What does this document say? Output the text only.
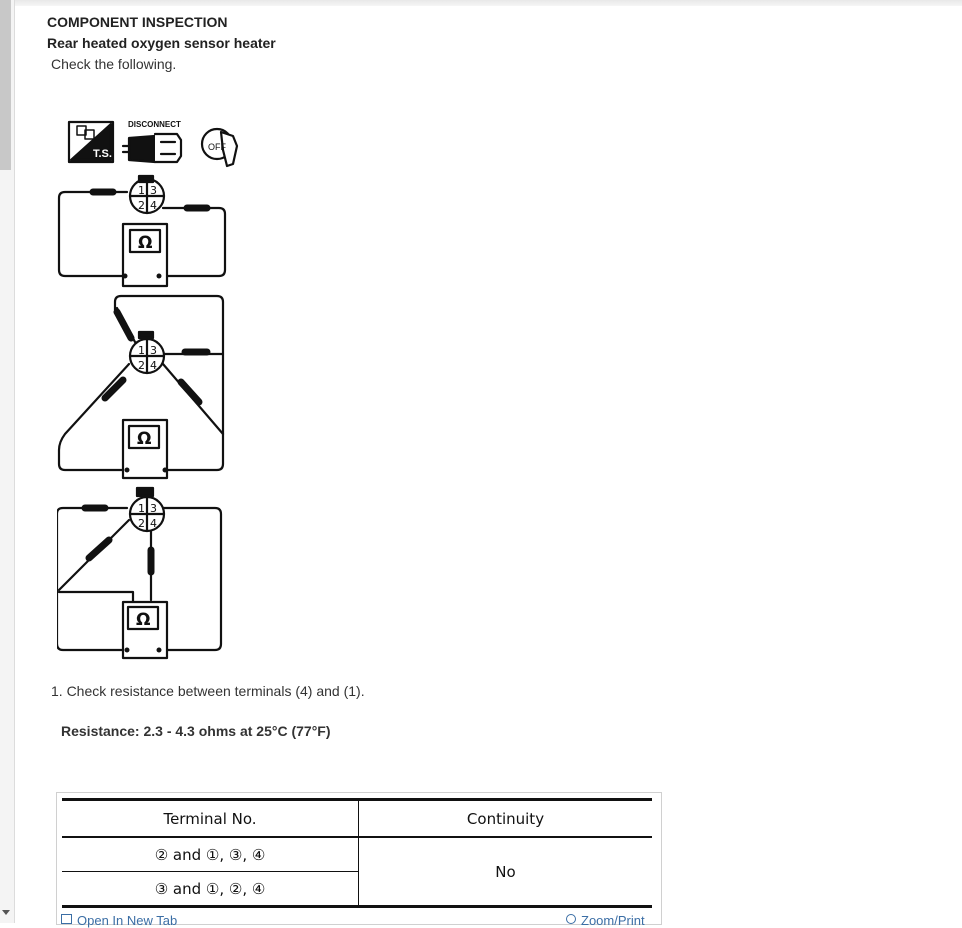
COMPONENT INSPECTION
Rear heated oxygen sensor heater
Check the following.
T.S.
DISCONNECT
OFF
1 3
2 4
1 3
2 4
1 3
2 4
Ω
Ω
Ω
1. Check resistance between terminals (4) and (1).
Resistance: 2.3 - 4.3 ohms at 25°C (77°F)
Terminal No.	Continuity
② and ①, ③, ④	No
③ and ①, ②, ④	
Open In New Tab	Zoom/Print
